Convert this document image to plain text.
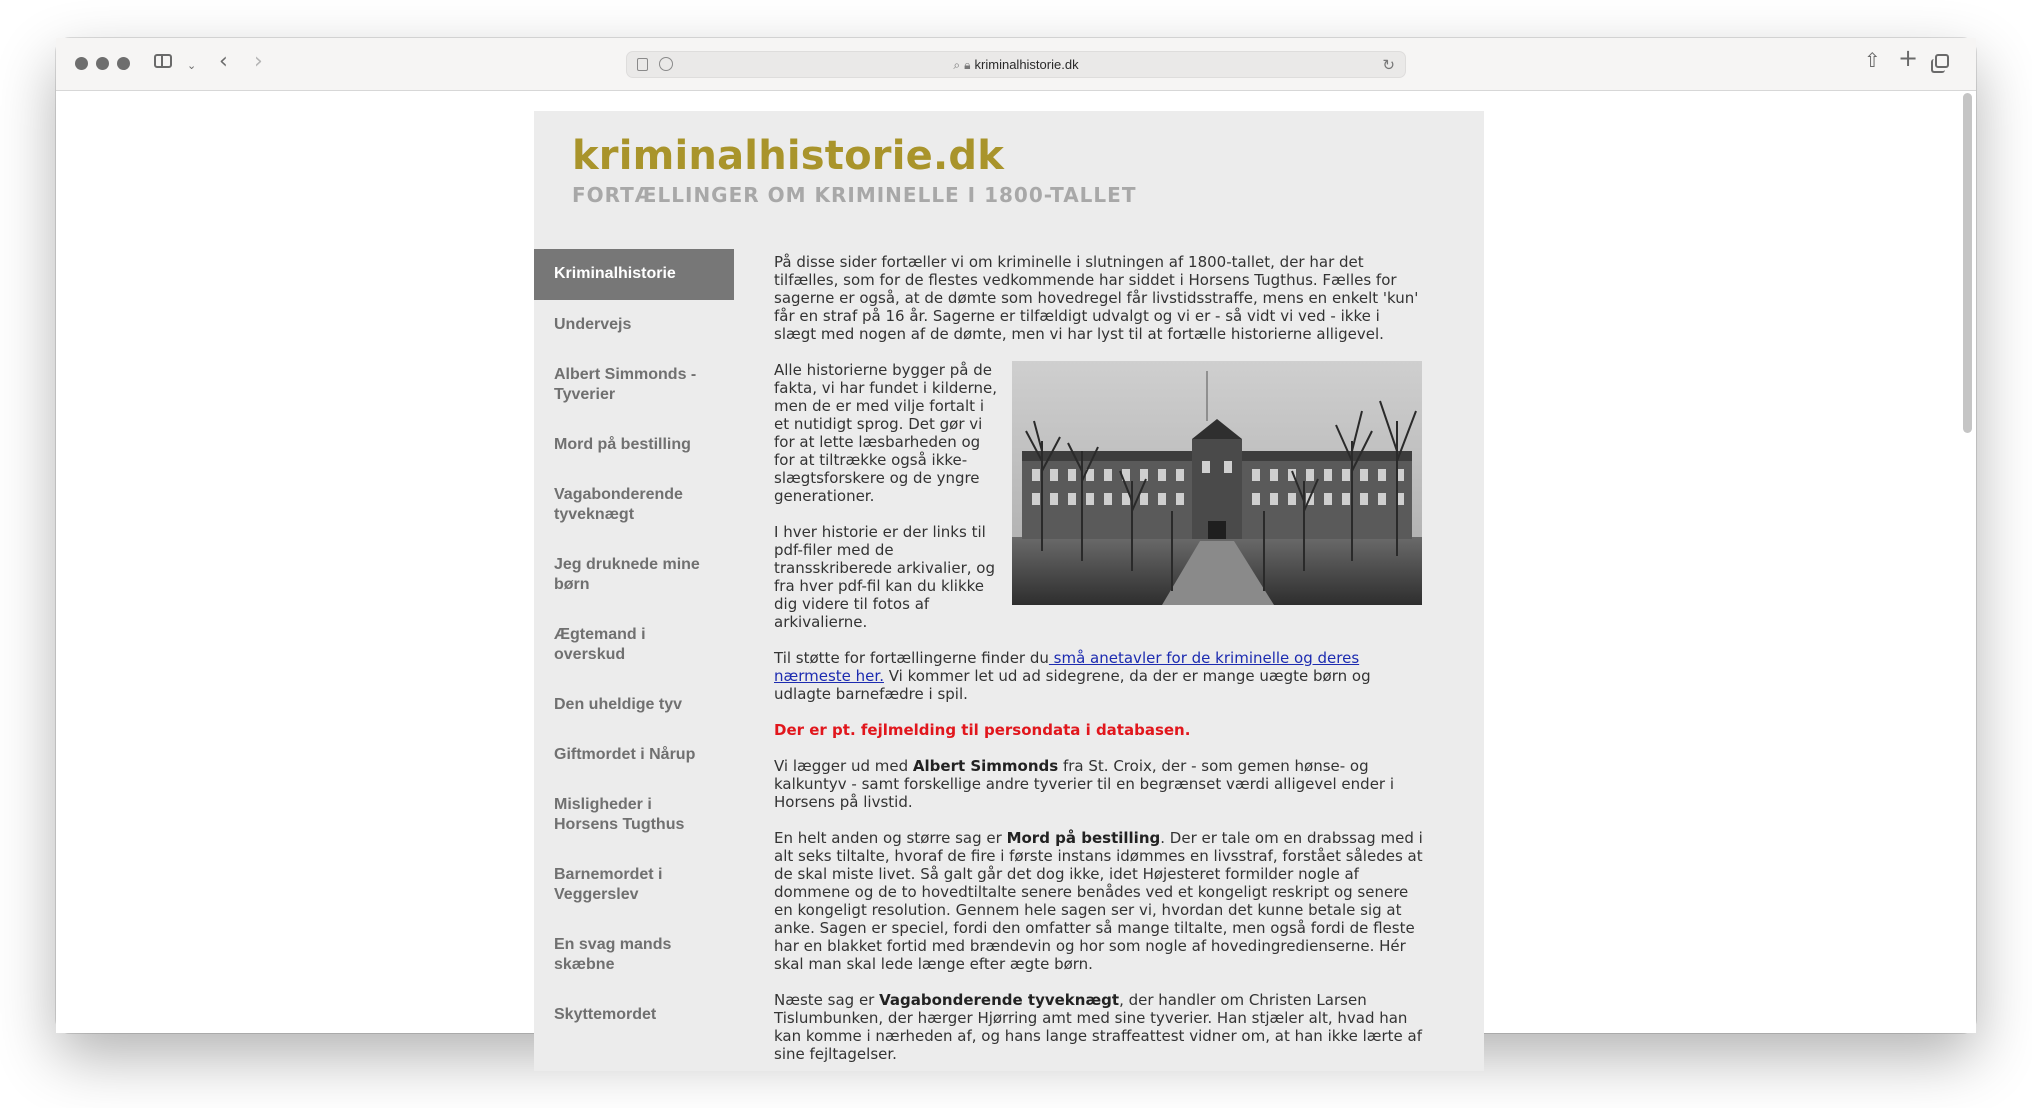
⌄ ‹ ›	⌕ 🔒︎ kriminalhistorie.dk	↻	⇧ +
kriminalhistorie.dk
FORTÆLLINGER OM KRIMINELLE I 1800-TALLET
Kriminalhistorie
Undervejs
Albert Simmonds - Tyverier
Mord på bestilling
Vagabonderende tyveknægt
Jeg druknede mine børn
Ægtemand i overskud
Den uheldige tyv
Giftmordet i Nårup
Misligheder i Horsens Tugthus
Barnemordet i Veggerslev
En svag mands skæbne
Skyttemordet

På disse sider fortæller vi om kriminelle i slutningen af 1800-tallet, der har det tilfælles, som for de flestes vedkommende har siddet i Horsens Tugthus. Fælles for sagerne er også, at de dømte som hovedregel får livstidsstraffe, mens en enkelt 'kun' får en straf på 16 år. Sagerne er tilfældigt udvalgt og vi er - så vidt vi ved - ikke i slægt med nogen af de dømte, men vi har lyst til at fortælle historierne alligevel.

Alle historierne bygger på de fakta, vi har fundet i kilderne, men de er med vilje fortalt i et nutidigt sprog. Det gør vi for at lette læsbarheden og for at tiltrække også ikke-slægtsforskere og de yngre generationer.

I hver historie er der links til pdf-filer med de transskriberede arkivalier, og fra hver pdf-fil kan du klikke dig videre til fotos af arkivalierne.

Til støtte for fortællingerne finder du små anetavler for de kriminelle og deres nærmeste her. Vi kommer let ud ad sidegrene, da der er mange uægte børn og udlagte barnefædre i spil.

Der er pt. fejlmelding til persondata i databasen.

Vi lægger ud med Albert Simmonds fra St. Croix, der - som gemen hønse- og kalkuntyv - samt forskellige andre tyverier til en begrænset værdi alligevel ender i Horsens på livstid.

En helt anden og større sag er Mord på bestilling. Der er tale om en drabssag med i alt seks tiltalte, hvoraf de fire i første instans idømmes en livsstraf, forstået således at de skal miste livet. Så galt går det dog ikke, idet Højesteret formilder nogle af dommene og de to hovedtiltalte senere benådes ved et kongeligt reskript og senere en kongeligt resolution. Gennem hele sagen ser vi, hvordan det kunne betale sig at anke. Sagen er speciel, fordi den omfatter så mange tiltalte, men også fordi de fleste har en blakket fortid med brændevin og hor som nogle af hovedingredienserne. Hér skal man skal lede længe efter ægte børn.

Næste sag er Vagabonderende tyveknægt, der handler om Christen Larsen Tislumbunken, der hærger Hjørring amt med sine tyverier. Han stjæler alt, hvad han kan komme i nærheden af, og hans lange straffeattest vidner om, at han ikke lærte af sine fejltagelser.
